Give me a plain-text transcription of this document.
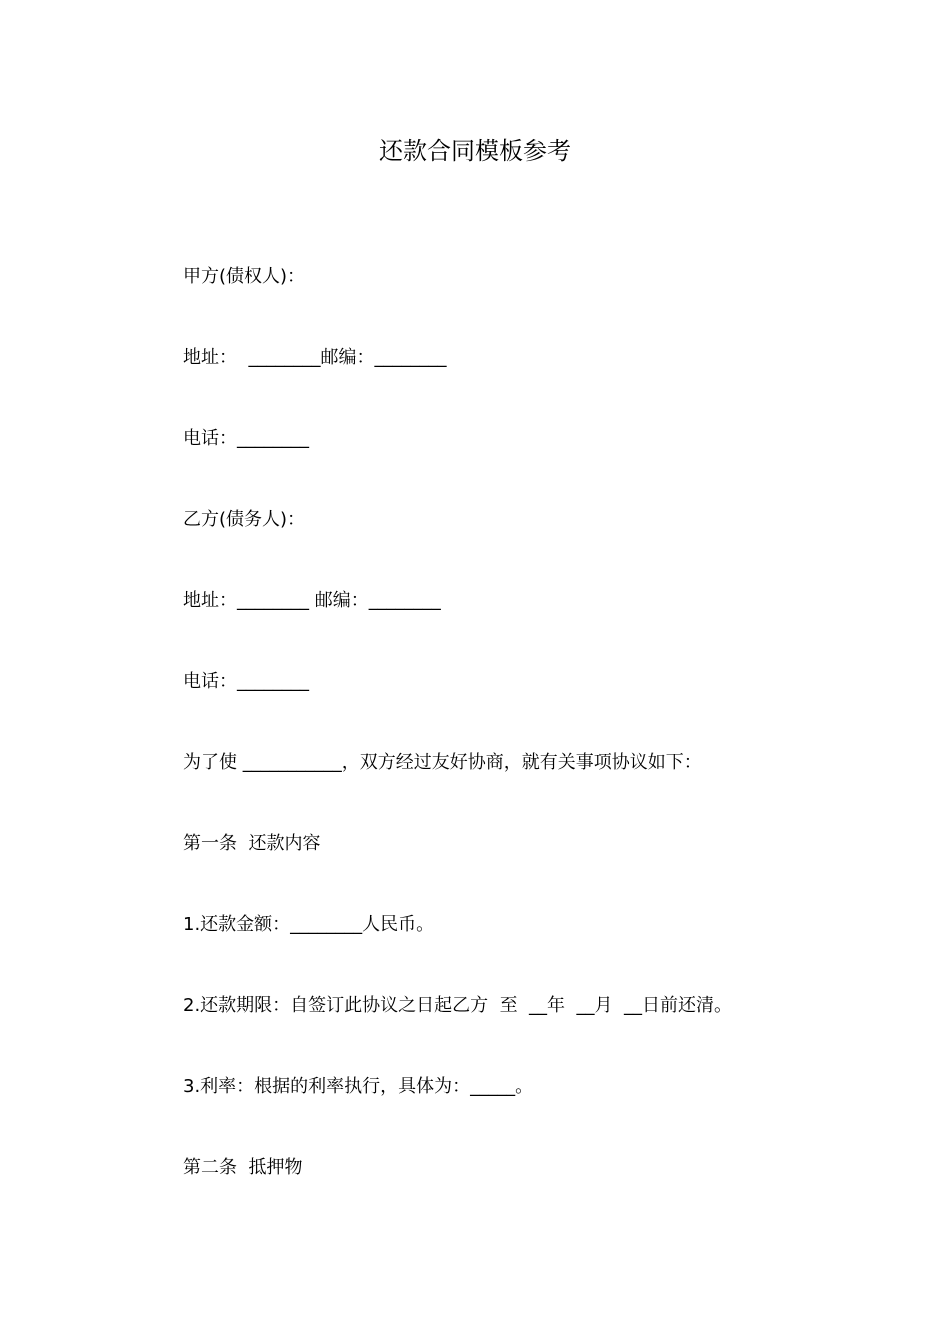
还款合同模板参考
甲方(债权人)：
地址：  ________邮编：________
电话：________
乙方(债务人)：
地址：________ 邮编：________
电话：________
为了使 ___________，双方经过友好协商，就有关事项协议如下：
第一条  还款内容
1.还款金额：________人民币。
2.还款期限：自签订此协议之日起乙方  至  __年  __月  __日前还清。
3.利率：根据的利率执行，具体为：_____。
第二条  抵押物
